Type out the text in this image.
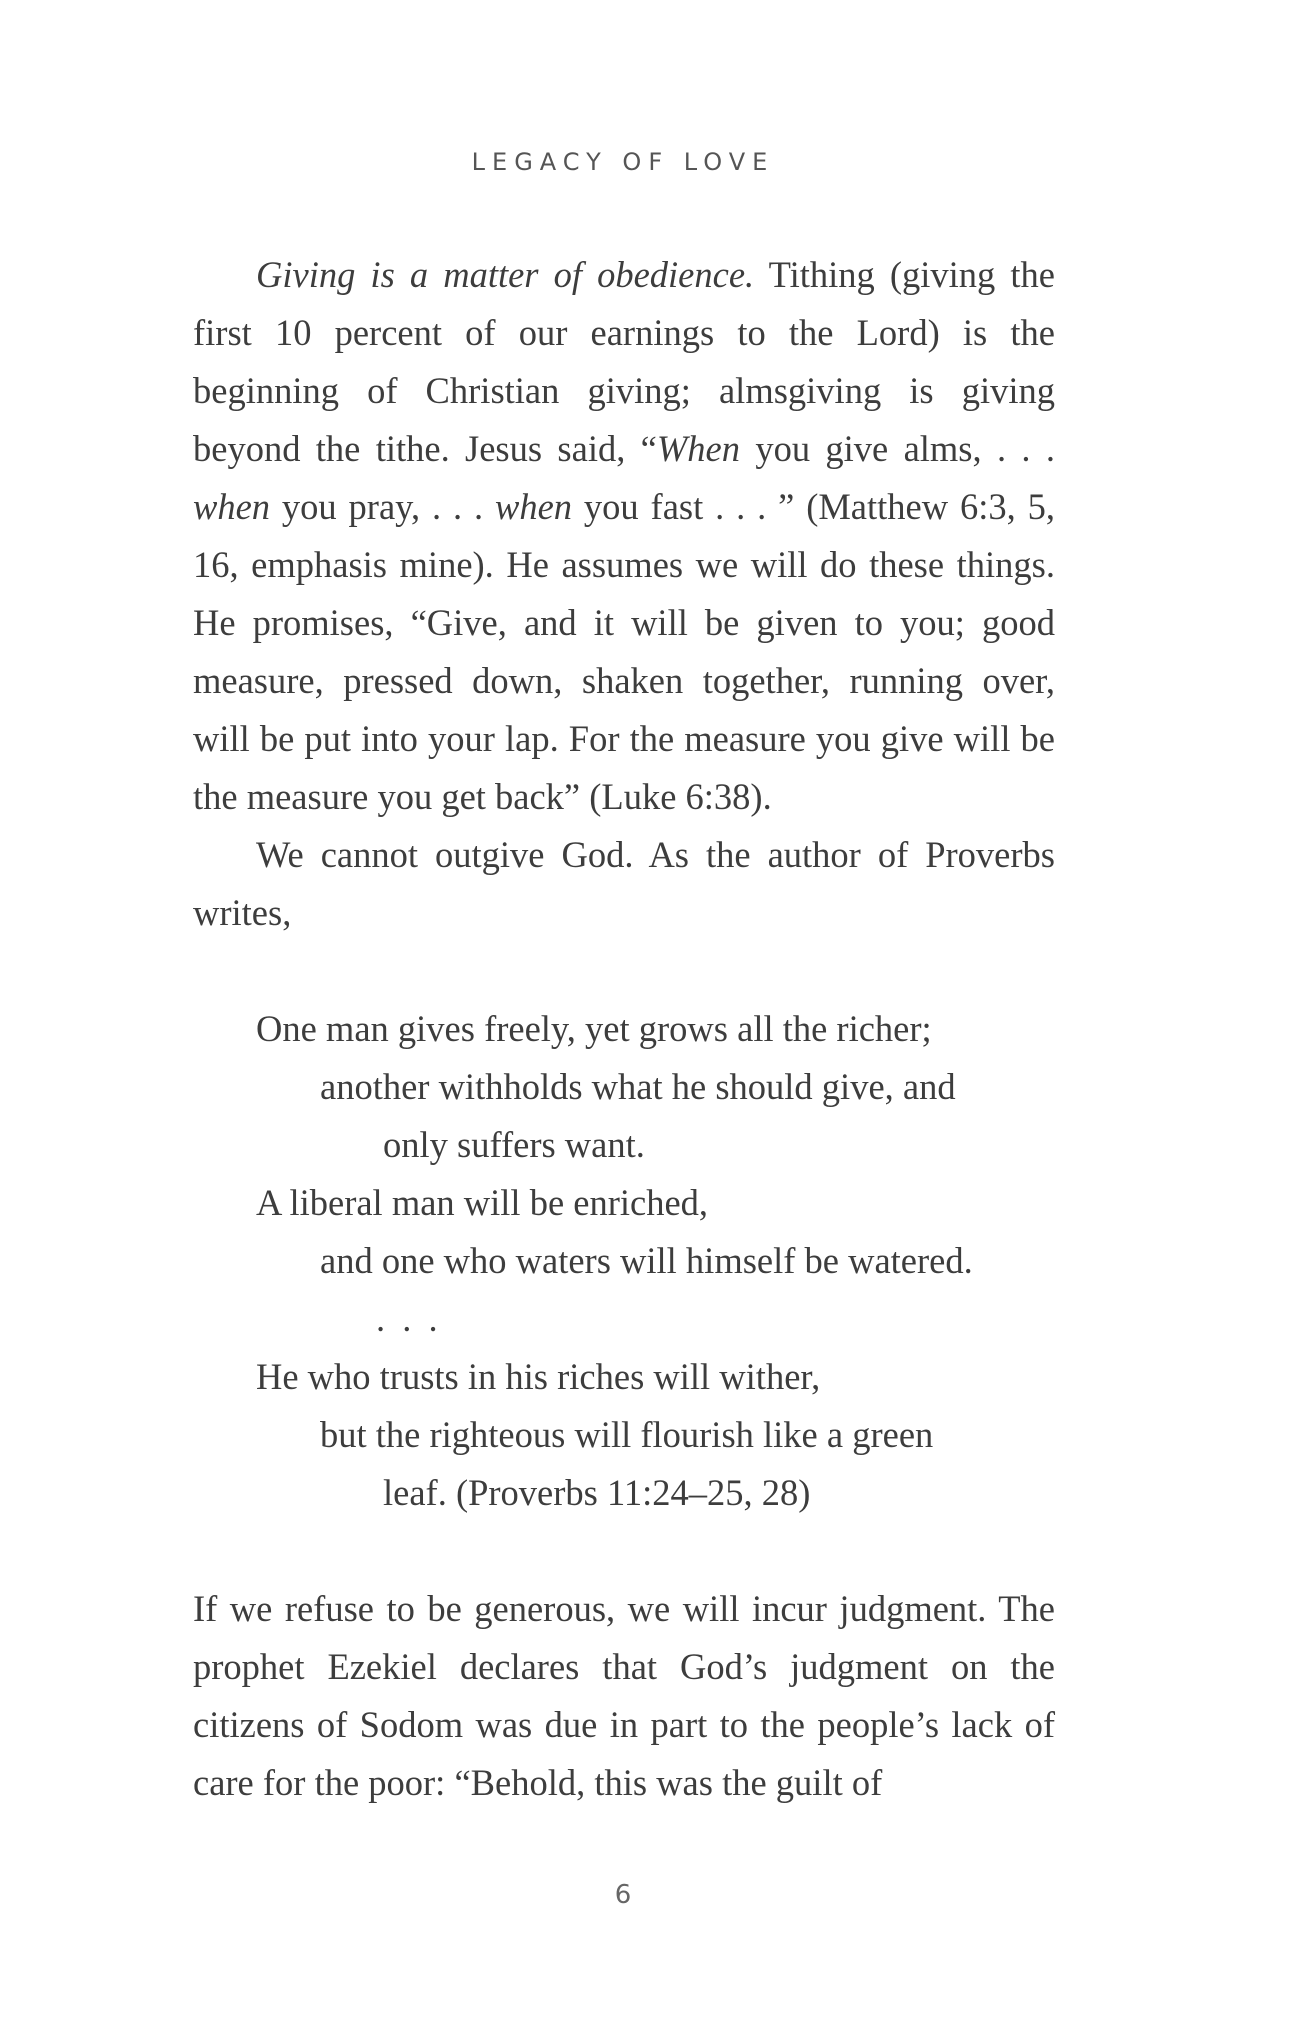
LEGACY OF LOVE

Giving is a matter of obedience. Tithing (giving the first 10 percent of our earnings to the Lord) is the beginning of Christian giving; almsgiving is giving beyond the tithe. Jesus said, “When you give alms, . . . when you pray, . . . when you fast . . . ” (Matthew 6:3, 5, 16, emphasis mine). He assumes we will do these things. He promises, “Give, and it will be given to you; good measure, pressed down, shaken together, running over, will be put into your lap. For the measure you give will be the measure you get back” (Luke 6:38).

We cannot outgive God. As the author of Proverbs writes,

One man gives freely, yet grows all the richer;
another withholds what he should give, and
only suffers want.
A liberal man will be enriched,
and one who waters will himself be watered.
. . .
He who trusts in his riches will wither,
but the righteous will flourish like a green
leaf. (Proverbs 11:24–25, 28)

If we refuse to be generous, we will incur judgment. The prophet Ezekiel declares that God’s judgment on the citizens of Sodom was due in part to the people’s lack of care for the poor: “Behold, this was the guilt of

6
